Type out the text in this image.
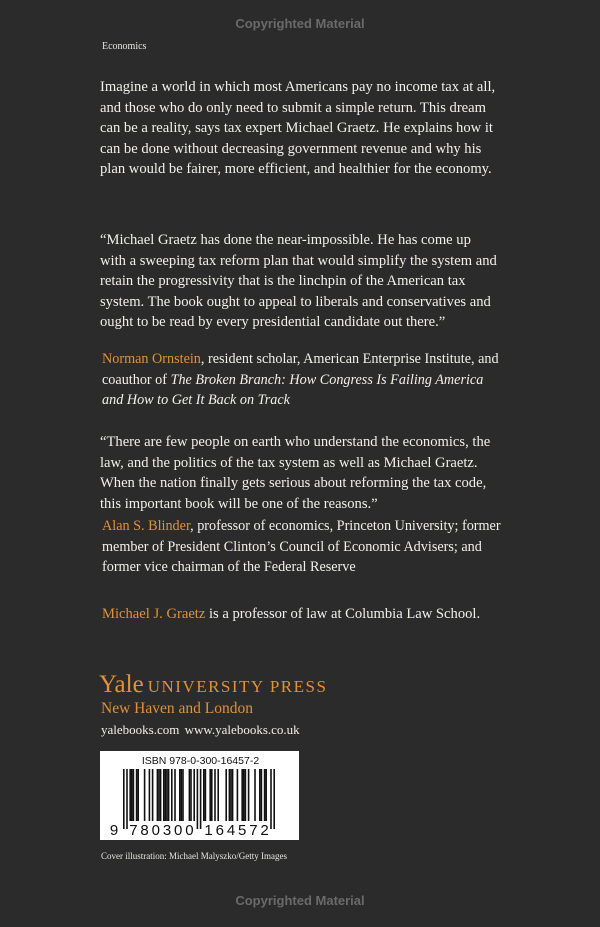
Copyrighted Material
Economics

Imagine a world in which most Americans pay no income tax at all, and those who do only need to submit a simple return. This dream can be a reality, says tax expert Michael Graetz. He explains how it can be done without decreasing government revenue and why his plan would be fairer, more efficient, and healthier for the economy.

“Michael Graetz has done the near-impossible. He has come up with a sweeping tax reform plan that would simplify the system and retain the progressivity that is the linchpin of the American tax system. The book ought to appeal to liberals and conservatives and ought to be read by every presidential candidate out there.”

Norman Ornstein, resident scholar, American Enterprise Institute, and coauthor of The Broken Branch: How Congress Is Failing America and How to Get It Back on Track

“There are few people on earth who understand the economics, the law, and the politics of the tax system as well as Michael Graetz. When the nation finally gets serious about reforming the tax code, this important book will be one of the reasons.”

Alan S. Blinder, professor of economics, Princeton University; former member of President Clinton’s Council of Economic Advisers; and former vice chairman of the Federal Reserve
Michael J. Graetz is a professor of law at Columbia Law School.
Yale UNIVERSITY PRESS
New Haven and London
yalebooks.com www.yalebooks.co.uk
9 7 8 0 3 0 0 1 6 4 5 7 2
ISBN 978-0-300-16457-2
Cover illustration: Michael Malyszko/Getty Images
Copyrighted Material
